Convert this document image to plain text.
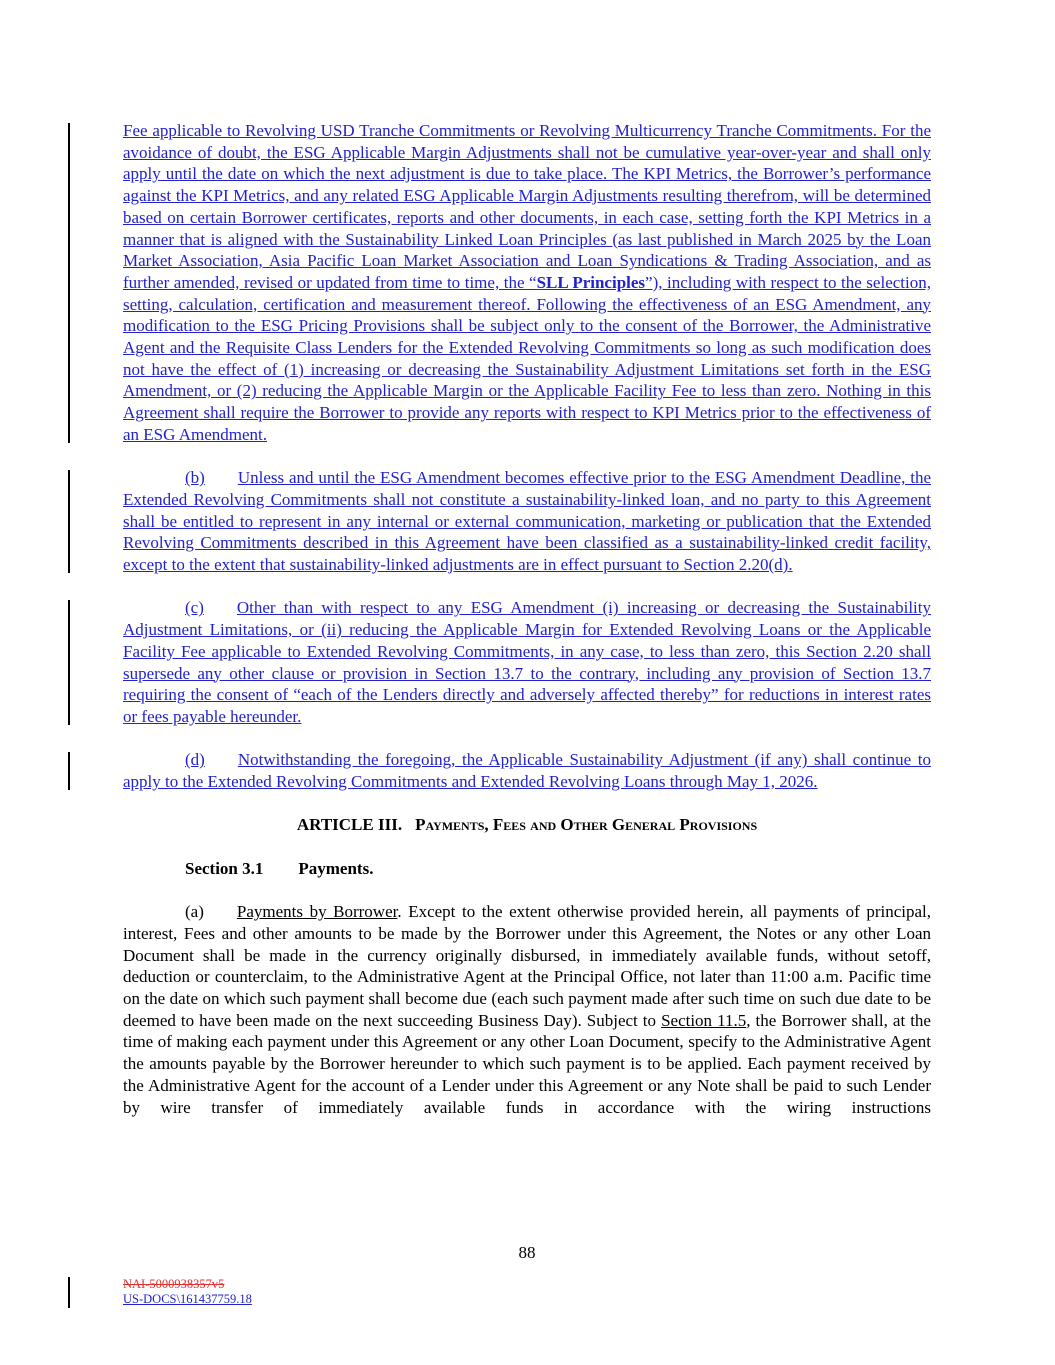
Fee applicable to Revolving USD Tranche Commitments or Revolving Multicurrency Tranche Commitments. For the avoidance of doubt, the ESG Applicable Margin Adjustments shall not be cumulative year-over-year and shall only apply until the date on which the next adjustment is due to take place. The KPI Metrics, the Borrower’s performance against the KPI Metrics, and any related ESG Applicable Margin Adjustments resulting therefrom, will be determined based on certain Borrower certificates, reports and other documents, in each case, setting forth the KPI Metrics in a manner that is aligned with the Sustainability Linked Loan Principles (as last published in March 2025 by the Loan Market Association, Asia Pacific Loan Market Association and Loan Syndications & Trading Association, and as further amended, revised or updated from time to time, the “SLL Principles”), including with respect to the selection, setting, calculation, certification and measurement thereof. Following the effectiveness of an ESG Amendment, any modification to the ESG Pricing Provisions shall be subject only to the consent of the Borrower, the Administrative Agent and the Requisite Class Lenders for the Extended Revolving Commitments so long as such modification does not have the effect of (1) increasing or decreasing the Sustainability Adjustment Limitations set forth in the ESG Amendment, or (2) reducing the Applicable Margin or the Applicable Facility Fee to less than zero. Nothing in this Agreement shall require the Borrower to provide any reports with respect to KPI Metrics prior to the effectiveness of an ESG Amendment.

(b) Unless and until the ESG Amendment becomes effective prior to the ESG Amendment Deadline, the Extended Revolving Commitments shall not constitute a sustainability-linked loan, and no party to this Agreement shall be entitled to represent in any internal or external communication, marketing or publication that the Extended Revolving Commitments described in this Agreement have been classified as a sustainability-linked credit facility, except to the extent that sustainability-linked adjustments are in effect pursuant to Section 2.20(d).

(c) Other than with respect to any ESG Amendment (i) increasing or decreasing the Sustainability Adjustment Limitations, or (ii) reducing the Applicable Margin for Extended Revolving Loans or the Applicable Facility Fee applicable to Extended Revolving Commitments, in any case, to less than zero, this Section 2.20 shall supersede any other clause or provision in Section 13.7 to the contrary, including any provision of Section 13.7 requiring the consent of “each of the Lenders directly and adversely affected thereby” for reductions in interest rates or fees payable hereunder.

(d) Notwithstanding the foregoing, the Applicable Sustainability Adjustment (if any) shall continue to apply to the Extended Revolving Commitments and Extended Revolving Loans through May 1, 2026.

ARTICLE III. Payments, Fees and Other General Provisions

Section 3.1 Payments.

(a) Payments by Borrower. Except to the extent otherwise provided herein, all payments of principal, interest, Fees and other amounts to be made by the Borrower under this Agreement, the Notes or any other Loan Document shall be made in the currency originally disbursed, in immediately available funds, without setoff, deduction or counterclaim, to the Administrative Agent at the Principal Office, not later than 11:00 a.m. Pacific time on the date on which such payment shall become due (each such payment made after such time on such due date to be deemed to have been made on the next succeeding Business Day). Subject to Section 11.5, the Borrower shall, at the time of making each payment under this Agreement or any other Loan Document, specify to the Administrative Agent the amounts payable by the Borrower hereunder to which such payment is to be applied. Each payment received by the Administrative Agent for the account of a Lender under this Agreement or any Note shall be paid to such Lender by wire transfer of immediately available funds in accordance with the wiring instructions

88
NAI-5000938357v5
US-DOCS\161437759.18
